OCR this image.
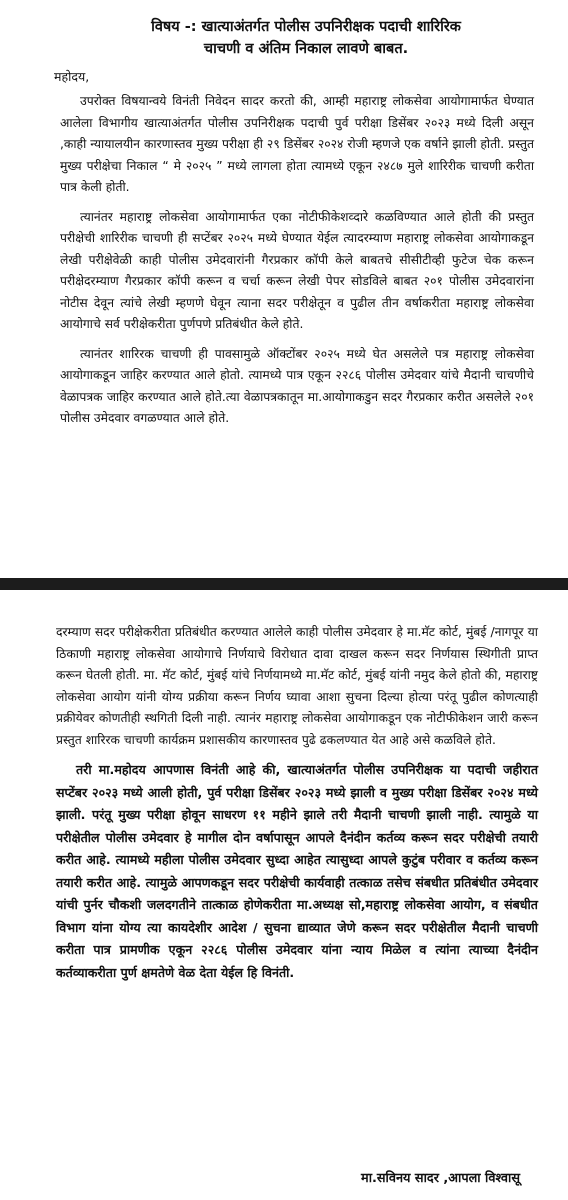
विषय -: खात्याअंतर्गत पोलीस उपनिरीक्षक पदाची शारिरिक
चाचणी व अंतिम निकाल लावणे बाबत.
महोदय,

उपरोक्त विषयान्वये विनंती निवेदन सादर करतो की, आम्ही महाराष्ट्र लोकसेवा आयोगामार्फत घेण्यात आलेला विभागीय खात्याअंतर्गत पोलीस उपनिरीक्षक पदाची पुर्व परीक्षा डिसेंबर २०२३ मध्ये दिली असून ,काही न्यायालयीन कारणास्तव मुख्य परीक्षा ही २९ डिसेंबर २०२४ रोजी म्हणजे एक वर्षाने झाली होती. प्रस्तुत मुख्य परीक्षेचा निकाल “ मे २०२५ ” मध्ये लागला होता त्यामध्ये एकून २४८७ मुले शारिरीक चाचणी करीता पात्र केली होती.

त्यानंतर महाराष्ट्र लोकसेवा आयोगामार्फत एका नोटीफीकेशव्दारे कळविण्यात आले होती की प्रस्तुत परीक्षेची शारिरीक चाचणी ही सप्टेंबर २०२५ मध्ये घेण्यात येईल त्यादरम्याण महाराष्ट्र लोकसेवा आयोगाकडून लेखी परीक्षेवेळी काही पोलीस उमेदवारांनी गैरप्रकार कॉपी केले बाबतचे सीसीटीव्ही फुटेज चेक करून परीक्षेदरम्याण गैरप्रकार कॉपी करून व चर्चा करून लेखी पेपर सोडविले बाबत २०१ पोलीस उमेदवारांना नोटीस देवून त्यांचे लेखी म्हणणे घेवून त्याना सदर परीक्षेतून व पुढील तीन वर्षाकरीता महाराष्ट्र लोकसेवा आयोगाचे सर्व परीक्षेकरीता पुर्णपणे प्रतिबंधीत केले होते.

त्यानंतर शारिरक चाचणी ही पावसामुळे ऑक्टोंबर २०२५ मध्ये घेत असलेले पत्र महाराष्ट्र लोकसेवा आयोगाकडून जाहिर करण्यात आले होतो. त्यामध्ये पात्र एकून २२८६ पोलीस उमेदवार यांचे मैदानी चाचणीचे वेळापत्रक जाहिर करण्यात आले होते.त्या वेळापत्रकातून मा.आयोगाकडुन सदर गैरप्रकार करीत असलेले २०१ पोलीस उमेदवार वगळण्यात आले होते.

दरम्याण सदर परीक्षेकरीता प्रतिबंधीत करण्यात आलेले काही पोलीस उमेदवार हे मा.मॅट कोर्ट, मुंबई /नागपूर या ठिकाणी महाराष्ट्र लोकसेवा आयोगाचे निर्णयाचे विरोधात दावा दाखल करून सदर निर्णयास स्थिगीती प्राप्त करून घेतली होती. मा. मॅट कोर्ट, मुंबई यांचे निर्णयामध्ये मा.मॅट कोर्ट, मुंबई यांनी नमुद केले होतो की, महाराष्ट्र लोकसेवा आयोग यांनी योग्य प्रक्रीया करून निर्णय घ्यावा आशा सुचना दिल्या होत्या परंतू पुढील कोणत्याही प्रक्रीयेवर कोणतीही स्थगिती दिली नाही. त्यानंर महाराष्ट्र लोकसेवा आयोगाकडून एक नोटीफीकेशन जारी करून प्रस्तुत शारिरक चाचणी कार्यक्रम प्रशासकीय कारणास्तव पुढे ढकलण्यात येत आहे असे कळविले होते.

तरी मा.महोदय आपणास विनंती आहे की, खात्याअंतर्गत पोलीस उपनिरीक्षक या पदाची जहीरात सप्टेंबर २०२३ मध्ये आली होती, पुर्व परीक्षा डिसेंबर २०२३ मध्ये झाली व मुख्य परीक्षा डिसेंबर २०२४ मध्ये झाली. परंतू मुख्य परीक्षा होवून साधरण ११ महीने झाले तरी मैदानी चाचणी झाली नाही. त्यामुळे या परीक्षेतील पोलीस उमेदवार हे मागील दोन वर्षापासून आपले दैनंदीन कर्तव्य करून सदर परीक्षेची तयारी करीत आहे. त्यामध्ये महीला पोलीस उमेदवार सुध्दा आहेत त्यासुध्दा आपले कुटुंब परीवार व कर्तव्य करून तयारी करीत आहे. त्यामुळे आपणकडून सदर परीक्षेची कार्यवाही तत्काळ तसेच संबधीत प्रतिबंधीत उमेदवार यांची पुर्नर चौकशी जलदगतीने तात्काळ होणेकरीता मा.अध्यक्ष सो,महाराष्ट्र लोकसेवा आयोग, व संबधीत विभाग यांना योग्य त्या कायदेशीर आदेश / सुचना द्याव्यात जेणे करून सदर परीक्षेतील मैदानी चाचणी करीता पात्र प्रामणीक एकून २२८६ पोलीस उमेदवार यांना न्याय मिळेल व त्यांना त्याच्या दैनंदीन कर्तव्याकरीता पुर्ण क्षमतेणे वेळ देता येईल हि विनंती.

मा.सविनय सादर ,आपला विश्वासू
